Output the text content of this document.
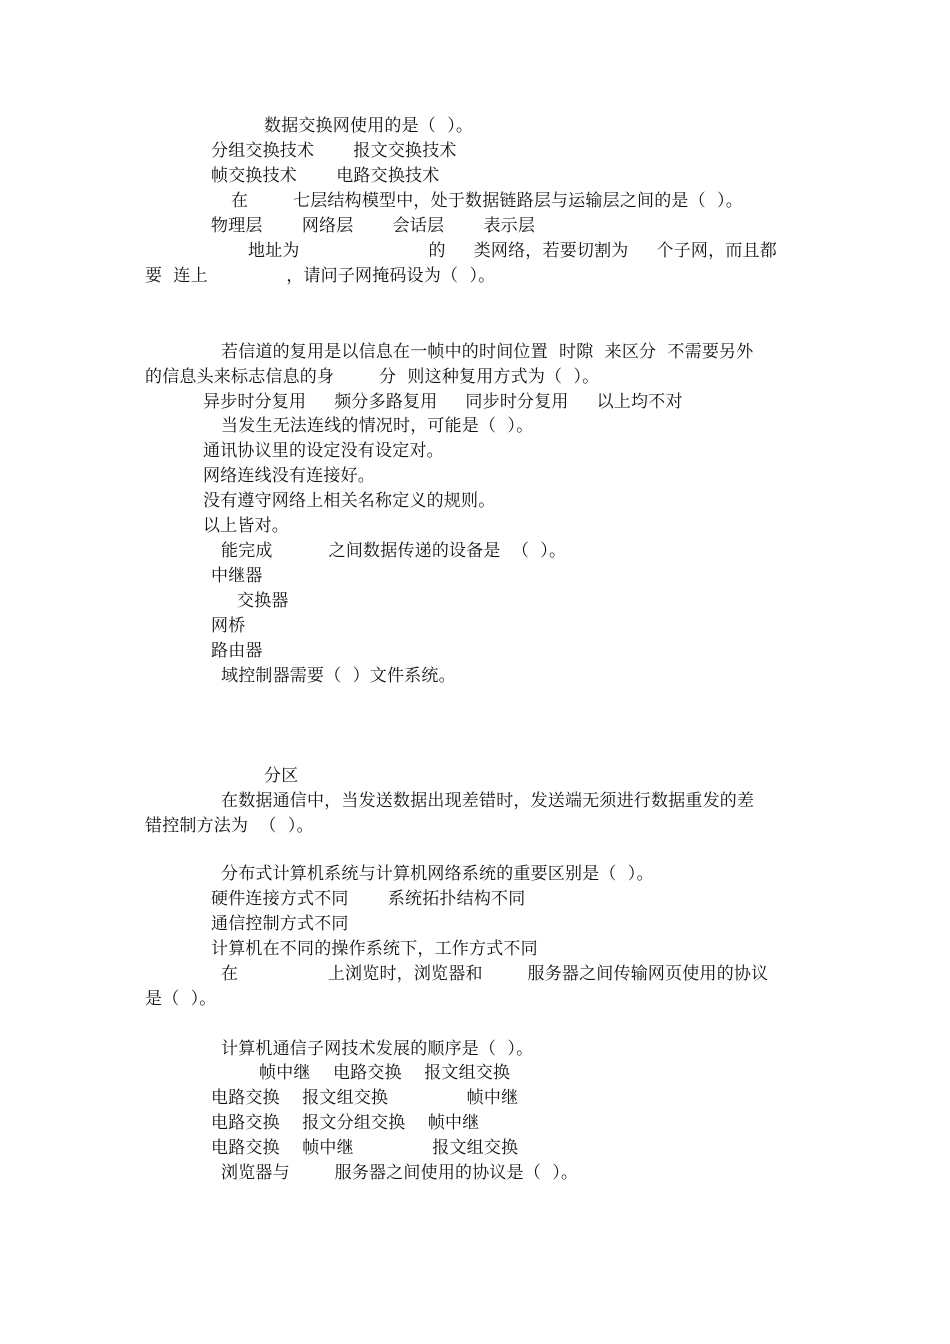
数据交换网使用的是（  ）。
分组交换技术       报文交换技术
帧交换技术       电路交换技术
在        七层结构模型中，处于数据链路层与运输层之间的是（  ）。
物理层       网络层       会话层       表示层
地址为                       的     类网络，若要切割为     个子网，而且都
要  连上              ，请问子网掩码设为（  ）。
若信道的复用是以信息在一帧中的时间位置  时隙  来区分  不需要另外
的信息头来标志信息的身        分  则这种复用方式为（  ）。
异步时分复用     频分多路复用     同步时分复用     以上均不对
当发生无法连线的情况时，可能是（  ）。
通讯协议里的设定没有设定对。
网络连线没有连接好。
没有遵守网络上相关名称定义的规则。
以上皆对。
能完成          之间数据传递的设备是  （  ）。
中继器
交换器
网桥
路由器
域控制器需要（  ）文件系统。
分区
在数据通信中，当发送数据出现差错时，发送端无须进行数据重发的差
错控制方法为  （  ）。
分布式计算机系统与计算机网络系统的重要区别是（  ）。
硬件连接方式不同       系统拓扑结构不同
通信控制方式不同
计算机在不同的操作系统下，工作方式不同
在                上浏览时，浏览器和        服务器之间传输网页使用的协议
是（  ）。
计算机通信子网技术发展的顺序是（  ）。
帧中继    电路交换    报文组交换
电路交换    报文组交换              帧中继
电路交换    报文分组交换    帧中继
电路交换    帧中继              报文组交换
浏览器与        服务器之间使用的协议是（  ）。
